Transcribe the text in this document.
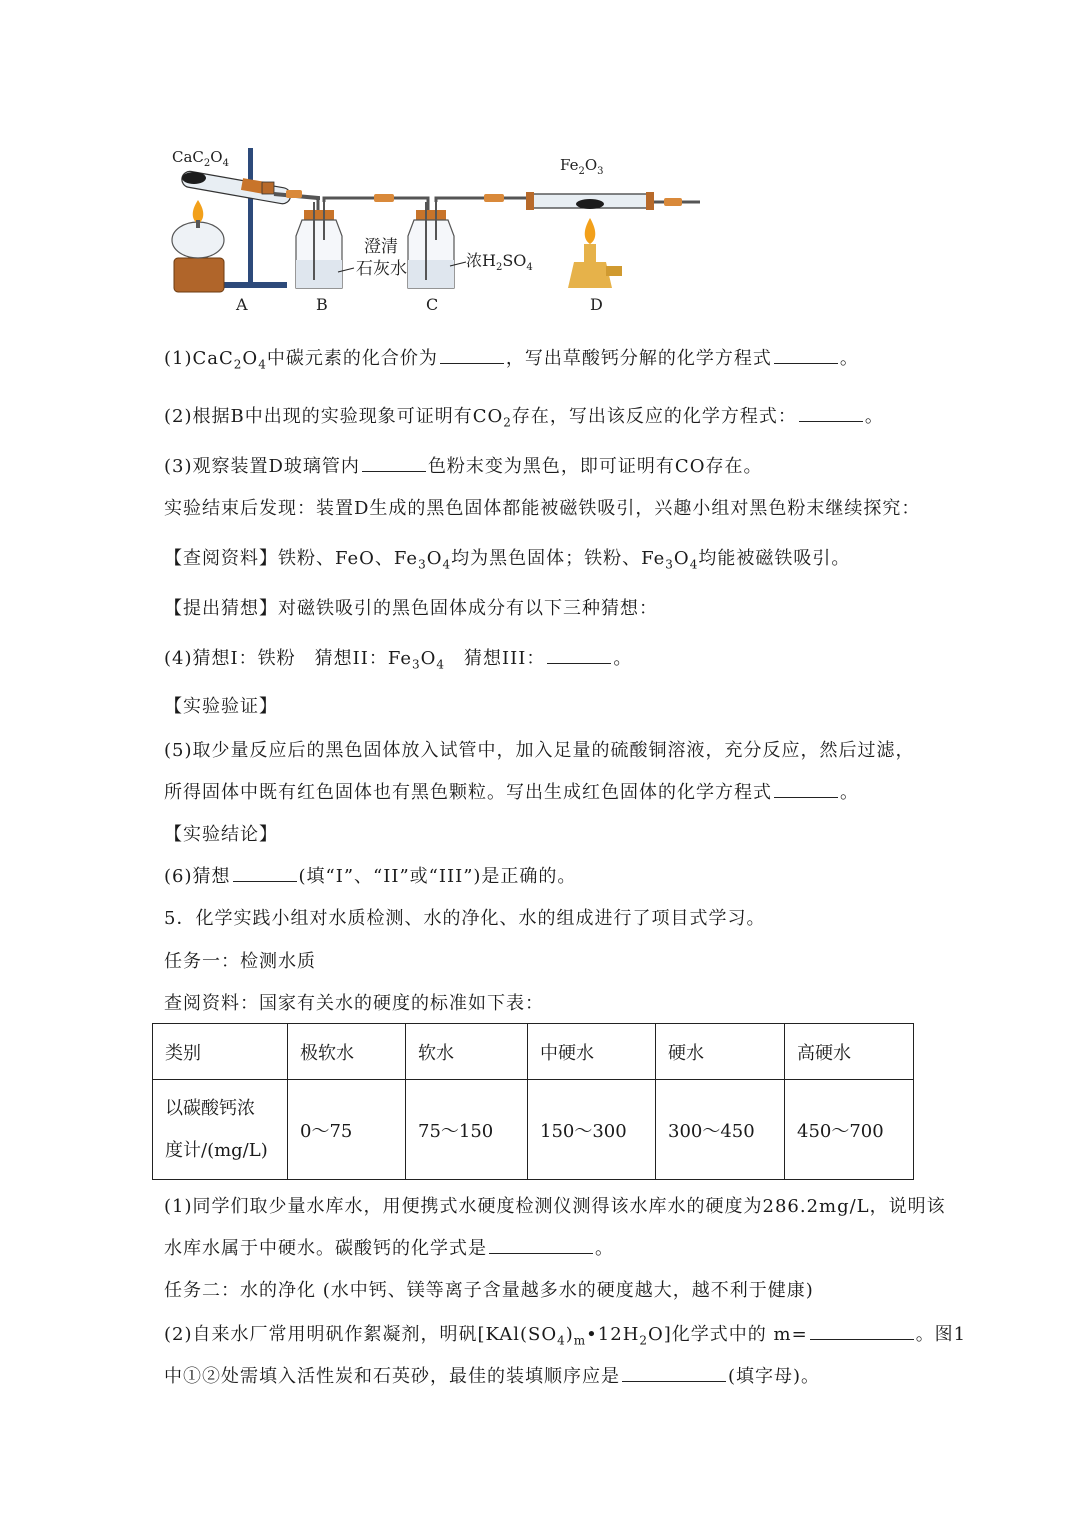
$CaC_2O_4$	$Fe_2O_3$
澄清
石灰水	浓$H_2SO_4$
A	B	C	D
$(1)CaC_2O_4$中碳元素的化合价为	，写出草酸钙分解的化学方程式	。
(2)根据B中出现的实验现象可证明有$CO_2$存在，写出该反应的化学方程式：	。
(3)观察装置D玻璃管内	色粉末变为黑色，即可证明有CO存在。
实验结束后发现：装置D生成的黑色固体都能被磁铁吸引，兴趣小组对黑色粉末继续探究：
【查阅资料】铁粉、FeO、$Fe_3O_4$均为黑色固体；铁粉、$Fe_3O_4$均能被磁铁吸引。
【提出猜想】对磁铁吸引的黑色固体成分有以下三种猜想：
(4)猜想I：铁粉　猜想II：$Fe_3O_4$　猜想III：	。
【实验验证】
(5)取少量反应后的黑色固体放入试管中，加入足量的硫酸铜溶液，充分反应，然后过滤，
所得固体中既有红色固体也有黑色颗粒。写出生成红色固体的化学方程式	。
【实验结论】
(6)猜想	(填“I”、“II”或“III”)是正确的。
5．化学实践小组对水质检测、水的净化、水的组成进行了项目式学习。
任务一：检测水质
查阅资料：国家有关水的硬度的标准如下表：
类别	极软水	软水	中硬水	硬水	高硬水
以碳酸钙浓
度计/(mg/L)	0～75	75～150	150～300	300～450	450～700
(1)同学们取少量水库水，用便携式水硬度检测仪测得该水库水的硬度为286.2mg/L，说明该
水库水属于中硬水。碳酸钙的化学式是	。
任务二：水的净化 (水中钙、镁等离子含量越多水的硬度越大，越不利于健康)
(2)自来水厂常用明矾作絮凝剂，明矾$[KAl(SO_4)_m•12H_2O]$化学式中的 m=	。图1
中①②处需填入活性炭和石英砂，最佳的装填顺序应是	(填字母)。
